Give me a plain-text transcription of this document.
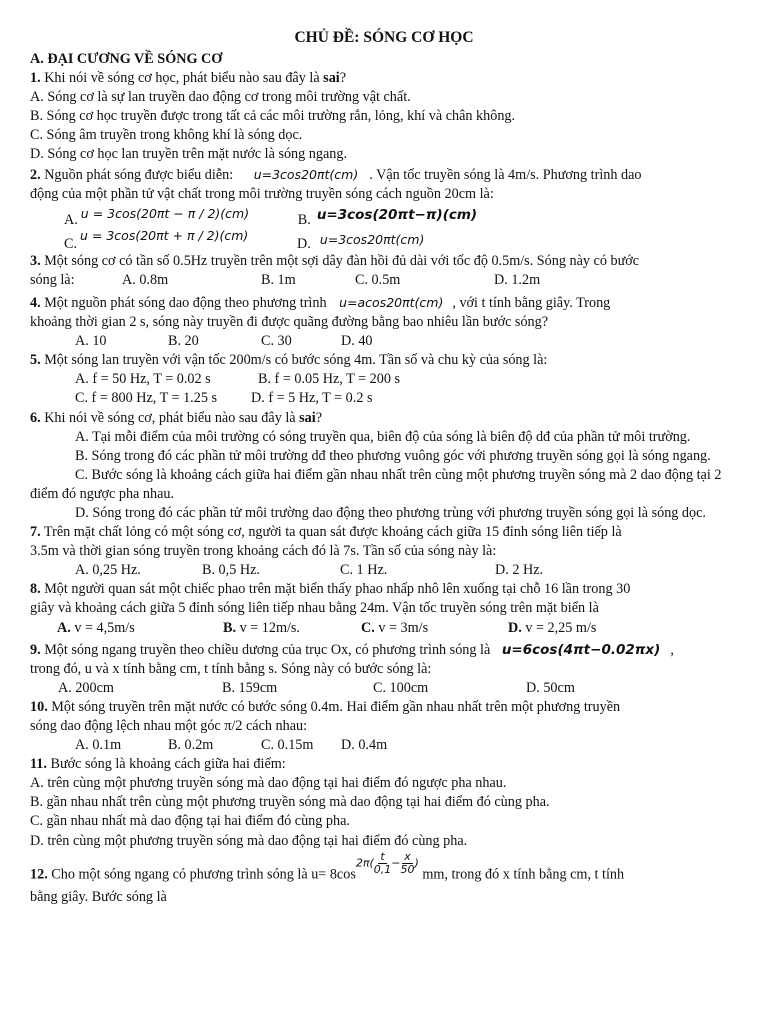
CHỦ ĐỀ: SÓNG CƠ HỌC

A. ĐẠI CƯƠNG VỀ SÓNG CƠ

1. Khi nói về sóng cơ học, phát biểu nào sau đây là sai?

A. Sóng cơ là sự lan truyền dao động cơ trong môi trường vật chất.

B. Sóng cơ học truyền được trong tất cả các môi trường rắn, lỏng, khí và chân không.

C. Sóng âm truyền trong không khí là sóng dọc.

D. Sóng cơ học lan truyền trên mặt nước là sóng ngang.

2. Nguồn phát sóng được biểu diễn: u=3cos20πt(cm) . Vận tốc truyền sóng là 4m/s. Phương trình dao

động của một phần tử vật chất trong môi trường truyền sóng cách nguồn 20cm là:

A. u = 3cos(20πt − π / 2)(cm)	B. u=3cos(20πt−π)(cm)
C.
u = 3cos(20πt + π / 2)(cm)
D. u=3cos20πt(cm)

3. Một sóng cơ có tần số 0.5Hz truyền trên một sợi dây đàn hồi đủ dài với tốc độ 0.5m/s. Sóng này có bước

sóng là:	A. 0.8m	B. 1m	C. 0.5m	D. 1.2m

4. Một nguồn phát sóng dao động theo phương trình u=acos20πt(cm) , với t tính bằng giây. Trong

khoảng thời gian 2 s, sóng này truyền đi được quãng đường bằng bao nhiêu lần bước sóng?

A. 10	B. 20	C. 30	D. 40

5. Một sóng lan truyền với vận tốc 200m/s có bước sóng 4m. Tần số và chu kỳ của sóng là:

A. f = 50 Hz, T = 0.02 s	B. f = 0.05 Hz, T = 200 s
C. f = 800 Hz, T = 1.25 s	D. f = 5 Hz, T = 0.2 s

6. Khi nói về sóng cơ, phát biểu nào sau đây là sai?

A. Tại mỗi điểm của môi trường có sóng truyền qua, biên độ của sóng là biên độ dđ của phần tử môi trường.

B. Sóng trong đó các phần tử môi trường dđ theo phương vuông góc với phương truyền sóng gọi là sóng ngang.

C. Bước sóng là khoảng cách giữa hai điểm gần nhau nhất trên cùng một phương truyền sóng mà 2 dao động tại 2 điểm đó ngược pha nhau.

D. Sóng trong đó các phần tử môi trường dao động theo phương trùng với phương truyền sóng gọi là sóng dọc.

7. Trên mặt chất lỏng có một sóng cơ, người ta quan sát được khoảng cách giữa 15 đỉnh sóng liên tiếp là

3.5m và thời gian sóng truyền trong khoảng cách đó là 7s. Tần số của sóng này là:

A. 0,25 Hz.	B. 0,5 Hz.	C. 1 Hz.	D. 2 Hz.

8. Một người quan sát một chiếc phao trên mặt biển thấy phao nhấp nhô lên xuống tại chỗ 16 lần trong 30

giây và khoảng cách giữa 5 đỉnh sóng liên tiếp nhau bằng 24m. Vận tốc truyền sóng trên mặt biển là

A. v = 4,5m/s	B. v = 12m/s.	C. v = 3m/s	D. v = 2,25 m/s

9. Một sóng ngang truyền theo chiều dương của trục Ox, có phương trình sóng là u=6cos(4πt−0.02πx) ,

trong đó, u và x tính bằng cm, t tính bằng s. Sóng này có bước sóng là:

A. 200cm	B. 159cm	C. 100cm	D. 50cm

10. Một sóng truyền trên mặt nước có bước sóng 0.4m. Hai điểm gần nhau nhất trên một phương truyền

sóng dao động lệch nhau một góc π/2 cách nhau:

A. 0.1m	B. 0.2m	C. 0.15m	D. 0.4m

11. Bước sóng là khoảng cách giữa hai điểm:

A. trên cùng một phương truyền sóng mà dao động tại hai điểm đó ngược pha nhau.

B. gần nhau nhất trên cùng một phương truyền sóng mà dao động tại hai điểm đó cùng pha.

C. gần nhau nhất mà dao động tại hai điểm đó cùng pha.

D. trên cùng một phương truyền sóng mà dao động tại hai điểm đó cùng pha.

12. Cho một sóng ngang có phương trình sóng là $u= 8\cos 2\pi( \frac{t}{0,1} - \frac{x}{50}$ ) mm, trong đó x tính bằng cm, t tính

bằng giây. Bước sóng là
